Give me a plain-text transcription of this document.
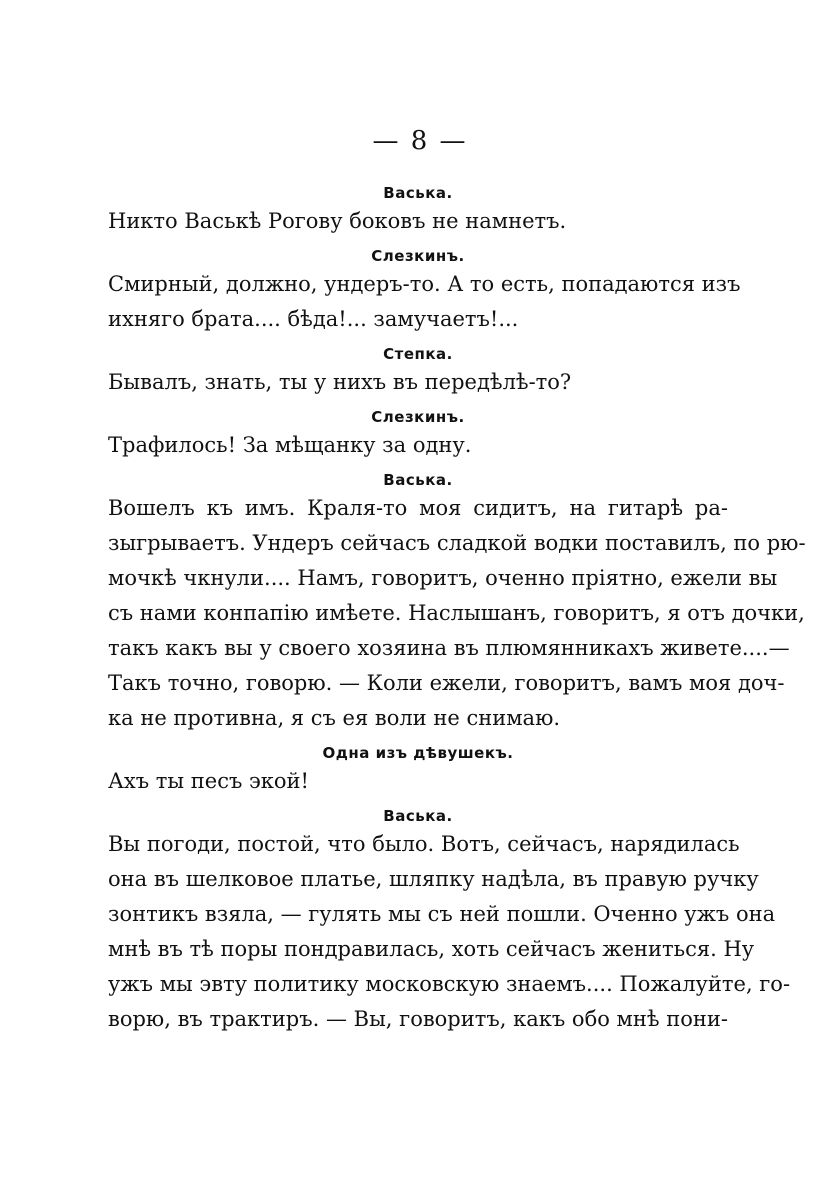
— 8 —
Васька.
Никто Васькѣ Рогову боковъ не намнетъ.
Слезкинъ.
Смирный, должно, ундеръ-то. А то есть, попадаются изъ
ихняго брата.... бѣда!... замучаетъ!...
Степка.
Бывалъ, знать, ты у нихъ въ передѣлѣ-то?
Слезкинъ.
Трафилось! За мѣщанку за одну.
Васька.
Вошелъ къ имъ. Краля-то моя сидитъ, на гитарѣ ра-
зыгрываетъ. Ундеръ сейчасъ сладкой водки поставилъ, по рю-
мочкѣ чкнули.... Намъ, говоритъ, оченно пріятно, ежели вы
съ нами конпапію имѣете. Наслышанъ, говоритъ, я отъ дочки,
такъ какъ вы у своего хозяина въ плюмянникахъ живете....—
Такъ точно, говорю. — Коли ежели, говоритъ, вамъ моя доч-
ка не противна, я съ ея воли не снимаю.
Одна изъ дѣвушекъ.
Ахъ ты песъ экой!
Васька.
Вы погоди, постой, что было. Вотъ, сейчасъ, нарядилась
она въ шелковое платье, шляпку надѣла, въ правую ручку
зонтикъ взяла, — гулять мы съ ней пошли. Оченно ужъ она
мнѣ въ тѣ поры пондравилась, хоть сейчасъ жениться. Ну
ужъ мы эвту политику московскую знаемъ.... Пожалуйте, го-
ворю, въ трактиръ. — Вы, говоритъ, какъ обо мнѣ пони-
